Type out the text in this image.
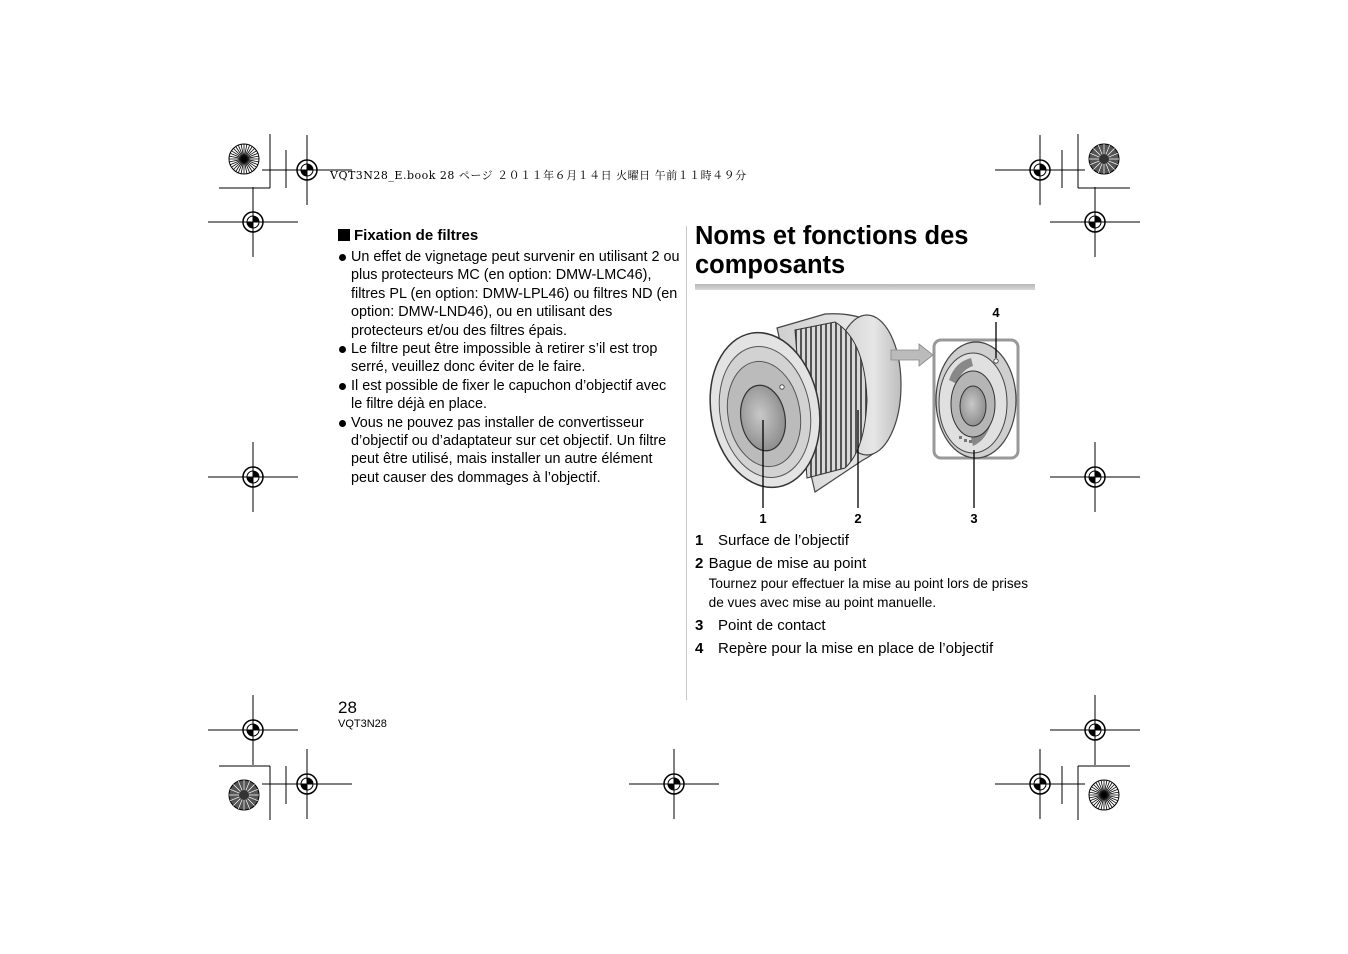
VQT3N28_E.book 28 ページ ２０１１年６月１４日 火曜日 午前１１時４９分
Fixation de filtres
Un effet de vignetage peut survenir en utilisant 2 ou plus protecteurs MC (en option: DMW-LMC46), filtres PL (en option: DMW-LPL46) ou filtres ND (en option: DMW-LND46), ou en utilisant des protecteurs et/ou des filtres épais.
Le filtre peut être impossible à retirer s’il est trop serré, veuillez donc éviter de le faire.
Il est possible de fixer le capuchon d’objectif avec le filtre déjà en place.
Vous ne pouvez pas installer de convertisseur d’objectif ou d’adaptateur sur cet objectif. Un filtre peut être utilisé, mais installer un autre élément peut causer des dommages à l’objectif.
Noms et fonctions des composants
1	2	3
4
1 Surface de l’objectif
2 Bague de mise au point
Tournez pour effectuer la mise au point lors de prises de vues avec mise au point manuelle.
3 Point de contact
4 Repère pour la mise en place de l’objectif
28
VQT3N28
